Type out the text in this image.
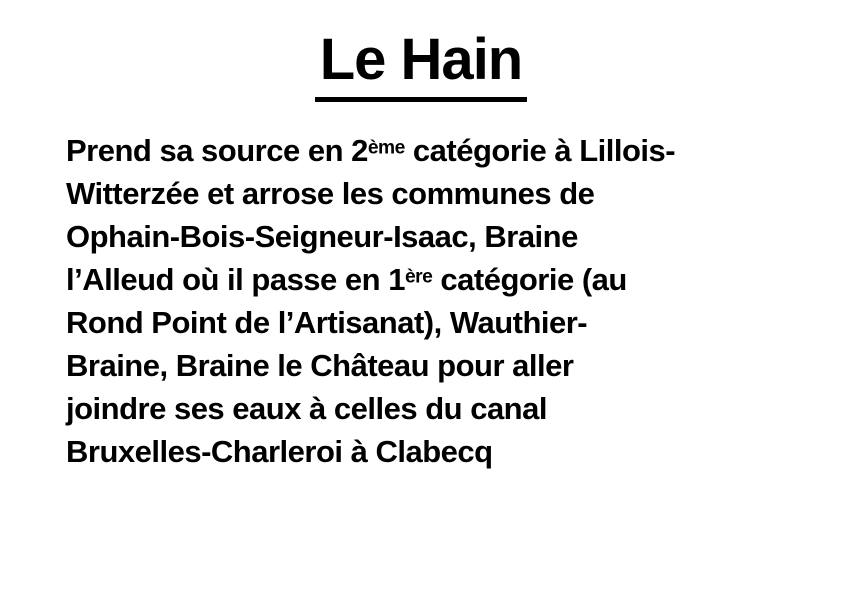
Le Hain
Prend sa source en 2ème catégorie à Lillois-
Witterzée et arrose les communes de
Ophain-Bois-Seigneur-Isaac, Braine
l’Alleud où il passe en 1ère catégorie (au
Rond Point de l’Artisanat), Wauthier-
Braine, Braine le Château pour aller
joindre ses eaux à celles du canal
Bruxelles-Charleroi à Clabecq
